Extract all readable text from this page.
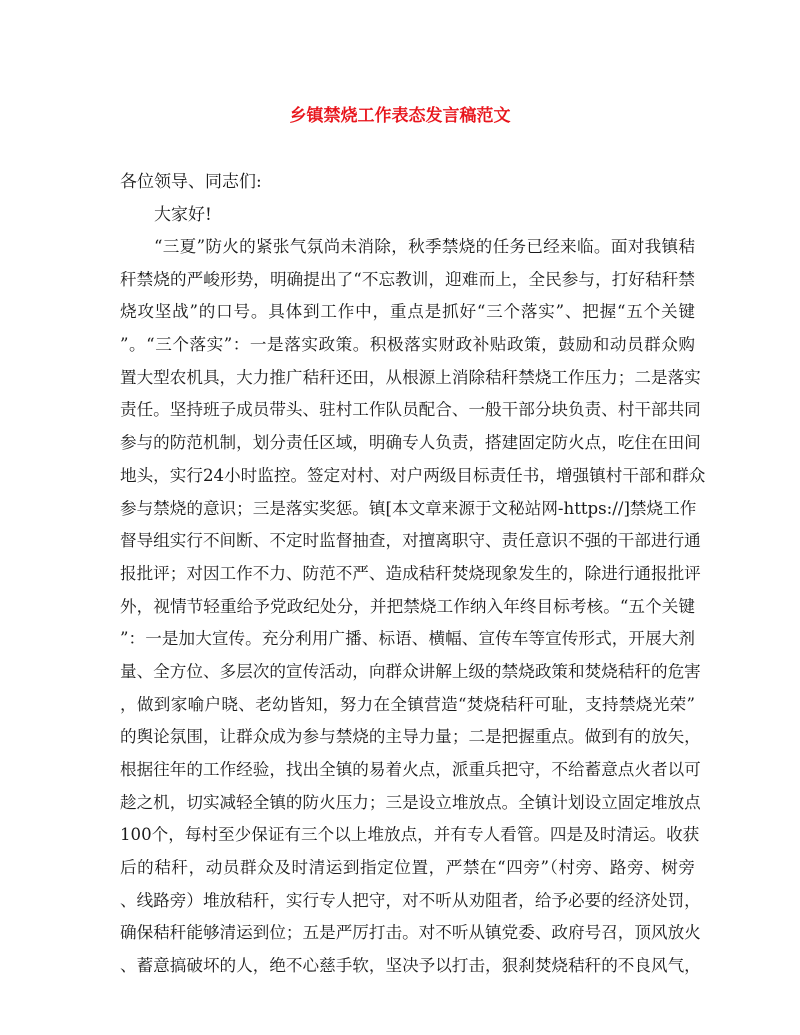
乡镇禁烧工作表态发言稿范文
各位领导、同志们:
大家好!
“三夏”防火的紧张气氛尚未消除，秋季禁烧的任务已经来临。面对我镇秸
秆禁烧的严峻形势，明确提出了“不忘教训，迎难而上，全民参与，打好秸秆禁
烧攻坚战”的口号。具体到工作中，重点是抓好“三个落实”、把握“五个关键
”。“三个落实”：一是落实政策。积极落实财政补贴政策，鼓励和动员群众购
置大型农机具，大力推广秸秆还田，从根源上消除秸秆禁烧工作压力；二是落实
责任。坚持班子成员带头、驻村工作队员配合、一般干部分块负责、村干部共同
参与的防范机制，划分责任区域，明确专人负责，搭建固定防火点，吃住在田间
地头，实行24小时监控。签定对村、对户两级目标责任书，增强镇村干部和群众
参与禁烧的意识；三是落实奖惩。镇[本文章来源于文秘站网-https://]禁烧工作
督导组实行不间断、不定时监督抽查，对擅离职守、责任意识不强的干部进行通
报批评；对因工作不力、防范不严、造成秸秆焚烧现象发生的，除进行通报批评
外，视情节轻重给予党政纪处分，并把禁烧工作纳入年终目标考核。“五个关键
”：一是加大宣传。充分利用广播、标语、横幅、宣传车等宣传形式，开展大剂
量、全方位、多层次的宣传活动，向群众讲解上级的禁烧政策和焚烧秸秆的危害
，做到家喻户晓、老幼皆知，努力在全镇营造“焚烧秸秆可耻，支持禁烧光荣”
的舆论氛围，让群众成为参与禁烧的主导力量；二是把握重点。做到有的放矢，
根据往年的工作经验，找出全镇的易着火点，派重兵把守，不给蓄意点火者以可
趁之机，切实减轻全镇的防火压力；三是设立堆放点。全镇计划设立固定堆放点
100个，每村至少保证有三个以上堆放点，并有专人看管。四是及时清运。收获
后的秸秆，动员群众及时清运到指定位置，严禁在“四旁”（村旁、路旁、树旁
、线路旁）堆放秸秆，实行专人把守，对不听从劝阻者，给予必要的经济处罚，
确保秸秆能够清运到位；五是严厉打击。对不听从镇党委、政府号召，顶风放火
、蓄意搞破坏的人，绝不心慈手软，坚决予以打击，狠刹焚烧秸秆的不良风气，
